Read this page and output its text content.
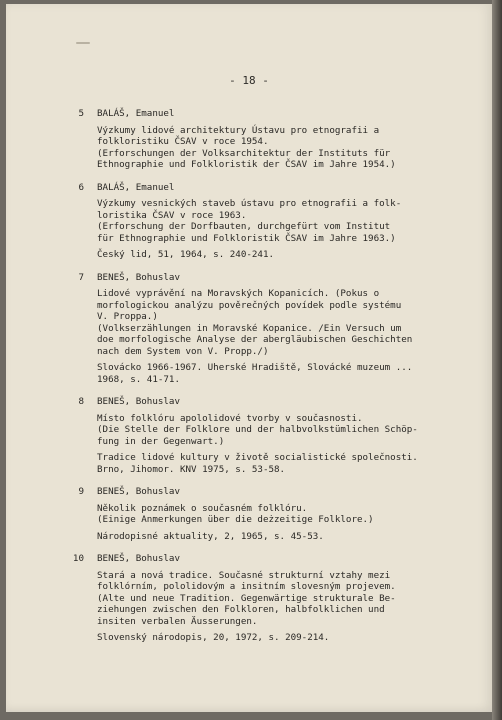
- 18 -
5 BALÁŠ, Emanuel
Výzkumy lidové architektury Ústavu pro etnografii a
folkloristiku ČSAV v roce 1954.
(Erforschungen der Volksarchitektur der Instituts für
Ethnographie und Folkloristik der ČSAV im Jahre 1954.)
6 BALÁŠ, Emanuel
Výzkumy vesnických staveb ústavu pro etnografii a folk-
loristika ČSAV v roce 1963.
(Erforschung der Dorfbauten, durchgefürt vom Institut
für Ethnographie und Folkloristik ČSAV im Jahre 1963.)
Český lid, 51, 1964, s. 240-241.
7 BENEŠ, Bohuslav
Lidové vyprávění na Moravských Kopanicích. (Pokus o
morfologickou analýzu pověrečných povídek podle systému
V. Proppa.)
(Volkserzählungen in Moravské Kopanice. /Ein Versuch um
doe morfologische Analyse der abergläubischen Geschichten
nach dem System von V. Propp./)
Slovácko 1966-1967. Uherské Hradiště, Slovácké muzeum ...
1968, s. 41-71.
8 BENEŠ, Bohuslav
Místo folklóru apololidové tvorby v současnosti.
(Die Stelle der Folklore und der halbvolkstümlichen Schöp-
fung in der Gegenwart.)
Tradice lidové kultury v životě socialistické společnosti.
Brno, Jihomor. KNV 1975, s. 53-58.
9 BENEŠ, Bohuslav
Několik poznámek o současném folklóru.
(Einige Anmerkungen über die deżzeitige Folklore.)
Národopisné aktuality, 2, 1965, s. 45-53.
10 BENEŠ, Bohuslav
Stará a nová tradice. Současné strukturní vztahy mezi
folklórním, pololidovým a insitním slovesným projevem.
(Alte und neue Tradition. Gegenwärtige strukturale Be-
ziehungen zwischen den Folkloren, halbfolklichen und
insiten verbalen Äusserungen.
Slovenský národopis, 20, 1972, s. 209-214.
